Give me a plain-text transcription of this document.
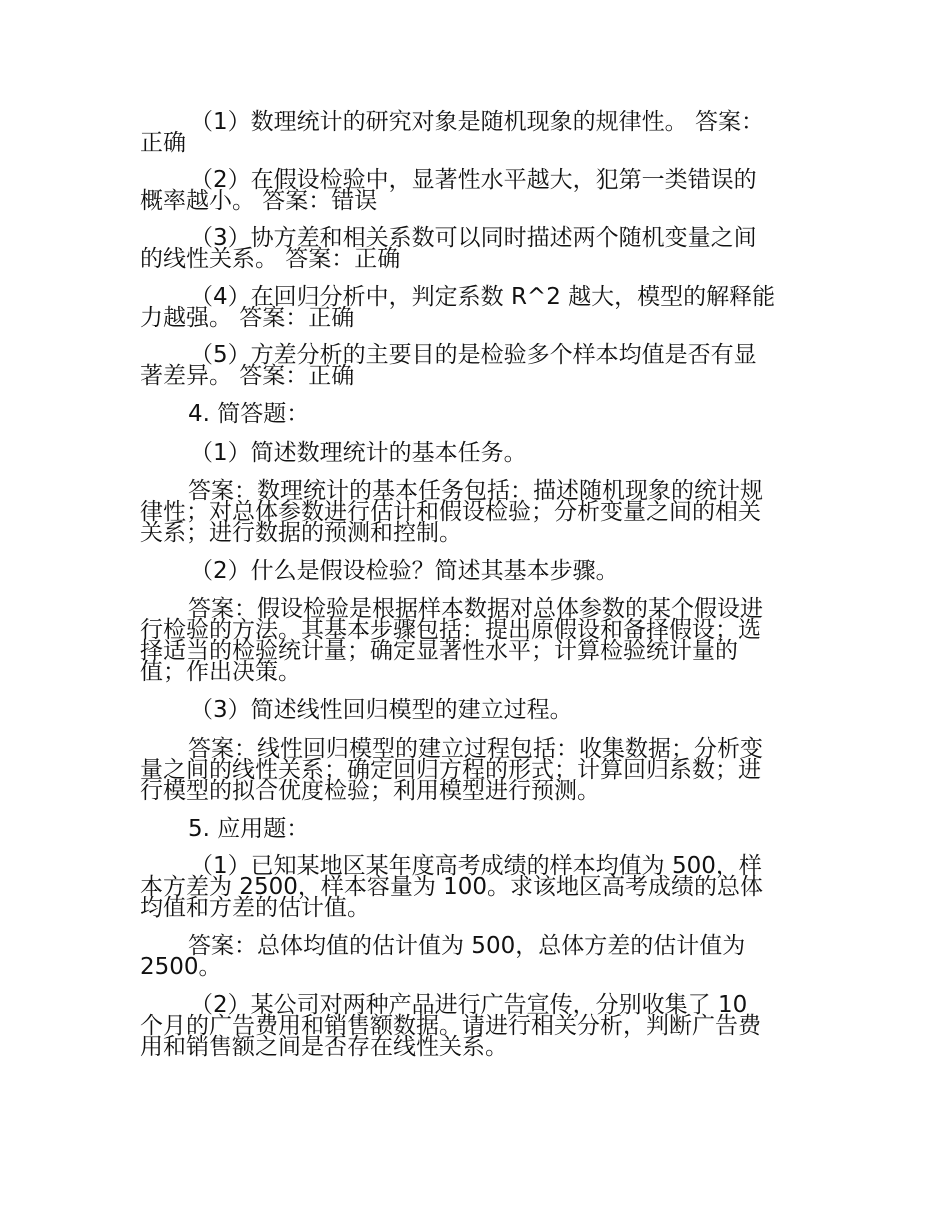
（1）数理统计的研究对象是随机现象的规律性。 答案：
正确
（2）在假设检验中，显著性水平越大，犯第一类错误的
概率越小。 答案：错误
（3）协方差和相关系数可以同时描述两个随机变量之间
的线性关系。 答案：正确
（4）在回归分析中，判定系数 R^2 越大，模型的解释能
力越强。 答案：正确
（5）方差分析的主要目的是检验多个样本均值是否有显
著差异。 答案：正确
4. 简答题：
（1）简述数理统计的基本任务。
答案：数理统计的基本任务包括：描述随机现象的统计规
律性；对总体参数进行估计和假设检验；分析变量之间的相关
关系；进行数据的预测和控制。
（2）什么是假设检验？简述其基本步骤。
答案：假设检验是根据样本数据对总体参数的某个假设进
行检验的方法。其基本步骤包括：提出原假设和备择假设；选
择适当的检验统计量；确定显著性水平；计算检验统计量的
值；作出决策。
（3）简述线性回归模型的建立过程。
答案：线性回归模型的建立过程包括：收集数据；分析变
量之间的线性关系；确定回归方程的形式；计算回归系数；进
行模型的拟合优度检验；利用模型进行预测。
5. 应用题：
（1）已知某地区某年度高考成绩的样本均值为 500，样
本方差为 2500，样本容量为 100。求该地区高考成绩的总体
均值和方差的估计值。
答案：总体均值的估计值为 500，总体方差的估计值为
2500。
（2）某公司对两种产品进行广告宣传，分别收集了 10
个月的广告费用和销售额数据。请进行相关分析，判断广告费
用和销售额之间是否存在线性关系。
